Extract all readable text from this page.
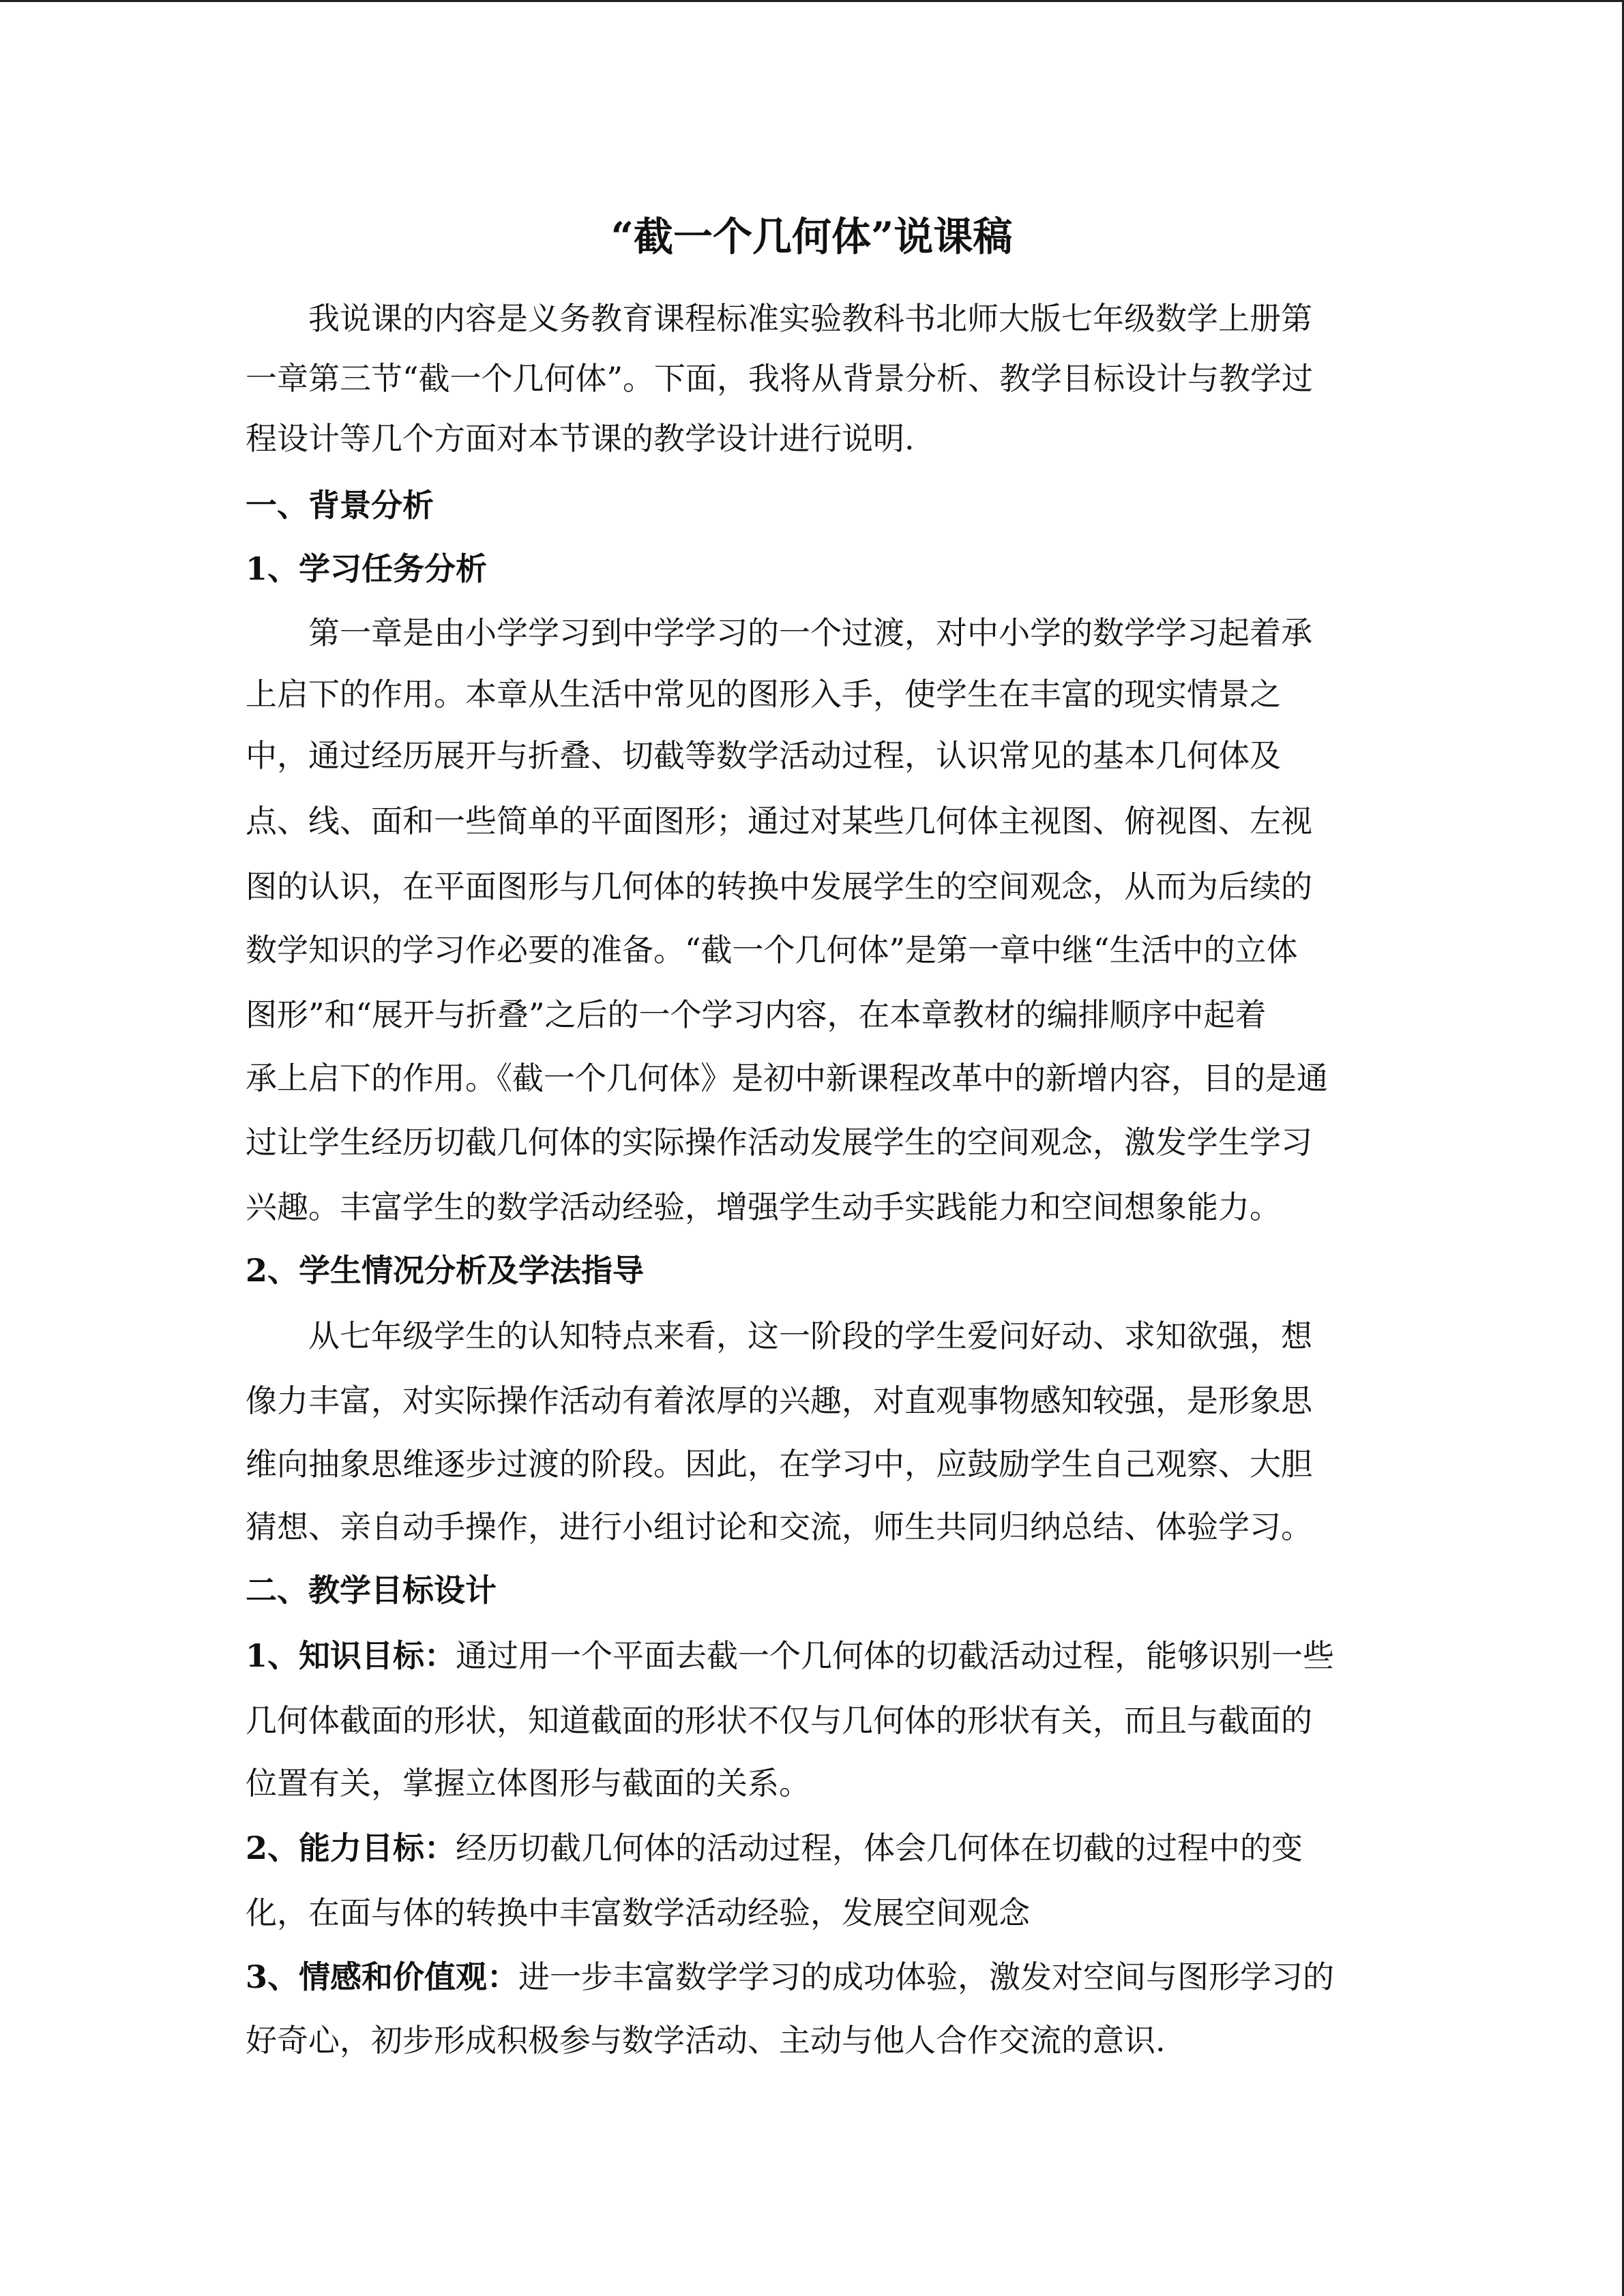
“截一个几何体”说课稿
我说课的内容是义务教育课程标准实验教科书北师大版七年级数学上册第
一章第三节“截一个几何体”。下面，我将从背景分析、教学目标设计与教学过
程设计等几个方面对本节课的教学设计进行说明.
一、背景分析
1、学习任务分析
第一章是由小学学习到中学学习的一个过渡，对中小学的数学学习起着承
上启下的作用。本章从生活中常见的图形入手，使学生在丰富的现实情景之
中，通过经历展开与折叠、切截等数学活动过程，认识常见的基本几何体及
点、线、面和一些简单的平面图形；通过对某些几何体主视图、俯视图、左视
图的认识，在平面图形与几何体的转换中发展学生的空间观念，从而为后续的
数学知识的学习作必要的准备。“截一个几何体”是第一章中继“生活中的立体
图形”和“展开与折叠”之后的一个学习内容，在本章教材的编排顺序中起着
承上启下的作用。《截一个几何体》是初中新课程改革中的新增内容，目的是通
过让学生经历切截几何体的实际操作活动发展学生的空间观念，激发学生学习
兴趣。丰富学生的数学活动经验，增强学生动手实践能力和空间想象能力。
2、学生情况分析及学法指导
从七年级学生的认知特点来看，这一阶段的学生爱问好动、求知欲强，想
像力丰富，对实际操作活动有着浓厚的兴趣，对直观事物感知较强，是形象思
维向抽象思维逐步过渡的阶段。因此，在学习中，应鼓励学生自己观察、大胆
猜想、亲自动手操作，进行小组讨论和交流，师生共同归纳总结、体验学习。
二、教学目标设计
1、知识目标：通过用一个平面去截一个几何体的切截活动过程，能够识别一些
几何体截面的形状，知道截面的形状不仅与几何体的形状有关，而且与截面的
位置有关，掌握立体图形与截面的关系。
2、能力目标：经历切截几何体的活动过程，体会几何体在切截的过程中的变
化，在面与体的转换中丰富数学活动经验，发展空间观念
3、情感和价值观：进一步丰富数学学习的成功体验，激发对空间与图形学习的
好奇心，初步形成积极参与数学活动、主动与他人合作交流的意识.
